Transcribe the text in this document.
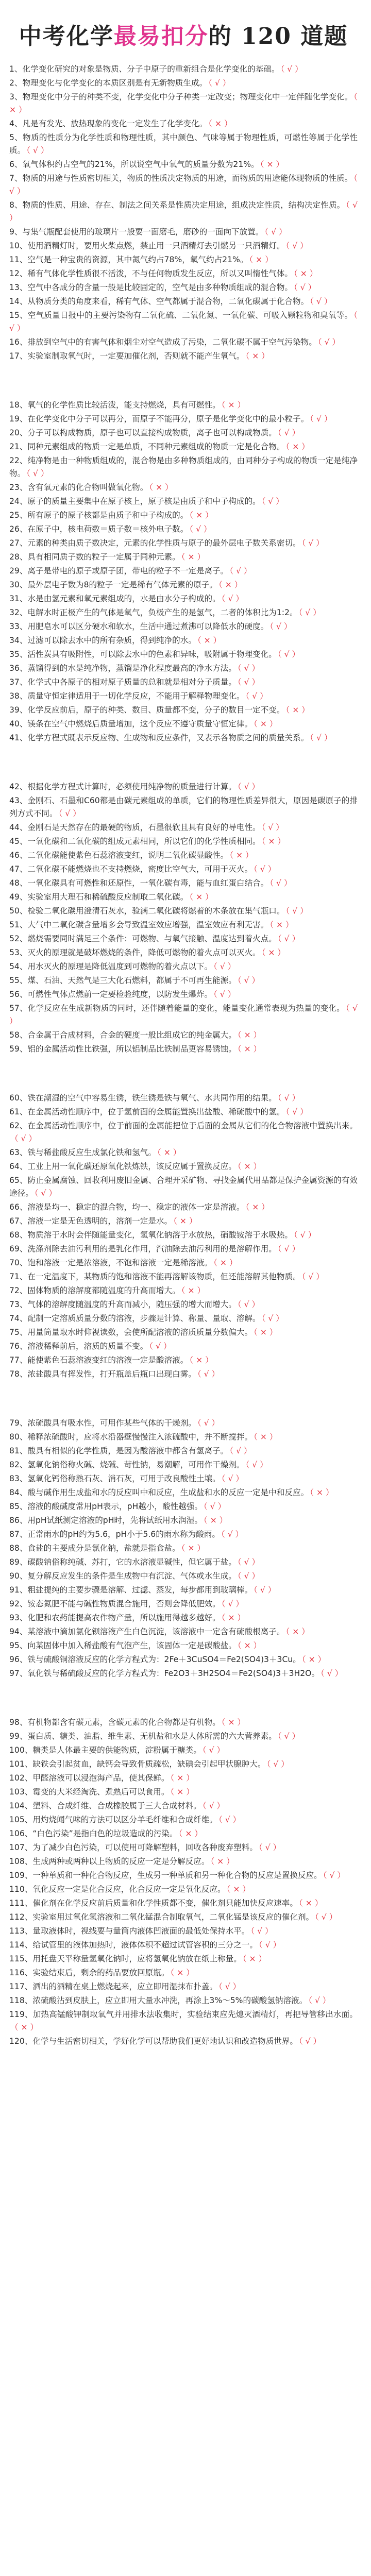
中考化学最易扣分的 120 道题

1、化学变化研究的对象是物质、分子中原子的重新组合是化学变化的基础。 （ √ ）

2、物理变化与化学变化的本质区别是有无新物质生成。 （ √ ）

3、物理变化中分子的种类不变，化学变化中分子种类一定改变；物理变化中一定伴随化学变化。 （ × ）

4、凡是有发光、放热现象的变化一定发生了化学变化。 （ × ）

5、物质的性质分为化学性质和物理性质，其中颜色、气味等属于物理性质，可燃性等属于化学性质。 （ √ ）

6、氧气体积约占空气的21%，所以说空气中氧气的质量分数为21%。 （ × ）

7、物质的用途与性质密切相关，物质的性质决定物质的用途，而物质的用途能体现物质的性质。 （ √ ）

8、物质的性质、用途、存在、制法之间关系是性质决定用途，组成决定性质，结构决定性质。 （ √ ）

9、与集气瓶配套使用的玻璃片一般要一面磨毛，磨砂的一面向下放置。 （ √ ）

10、使用酒精灯时，要用火柴点燃，禁止用一只酒精灯去引燃另一只酒精灯。 （ √ ）

11、空气是一种宝贵的资源，其中氮气约占78%，氧气约占21%。 （ × ）

12、稀有气体化学性质很不活泼，不与任何物质发生反应，所以又叫惰性气体。 （ × ）

13、空气中各成分的含量一般是比较固定的，空气是由多种物质组成的混合物。 （ √ ）

14、从物质分类的角度来看，稀有气体、空气都属于混合物，二氧化碳属于化合物。 （ √ ）

15、空气质量日报中的主要污染物有二氧化硫、二氧化氮、一氧化碳、可吸入颗粒物和臭氧等。 （ √ ）

16、排放到空气中的有害气体和烟尘对空气造成了污染，二氧化碳不属于空气污染物。 （ √ ）

17、实验室制取氧气时，一定要加催化剂，否则就不能产生氧气。 （ × ）

18、氧气的化学性质比较活泼，能支持燃烧，具有可燃性。 （ × ）

19、在化学变化中分子可以再分，而原子不能再分，原子是化学变化中的最小粒子。 （ √ ）

20、分子可以构成物质，原子也可以直接构成物质，离子也可以构成物质。 （ √ ）

21、同种元素组成的物质一定是单质，不同种元素组成的物质一定是化合物。 （ × ）

22、纯净物是由一种物质组成的，混合物是由多种物质组成的，由同种分子构成的物质一定是纯净物。 （ √ ）

23、含有氧元素的化合物叫做氧化物。 （ × ）

24、原子的质量主要集中在原子核上，原子核是由质子和中子构成的。 （ √ ）

25、所有原子的原子核都是由质子和中子构成的。 （ × ）

26、在原子中，核电荷数＝质子数＝核外电子数。 （ √ ）

27、元素的种类由质子数决定，元素的化学性质与原子的最外层电子数关系密切。 （ √ ）

28、具有相同质子数的粒子一定属于同种元素。 （ × ）

29、离子是带电的原子或原子团，带电的粒子不一定是离子。 （ √ ）

30、最外层电子数为8的粒子一定是稀有气体元素的原子。 （ × ）

31、水是由氢元素和氧元素组成的，水是由水分子构成的。 （ √ ）

32、电解水时正极产生的气体是氧气，负极产生的是氢气，二者的体积比为1:2。 （ √ ）

33、用肥皂水可以区分硬水和软水，生活中通过煮沸可以降低水的硬度。 （ √ ）

34、过滤可以除去水中的所有杂质，得到纯净的水。 （ × ）

35、活性炭具有吸附性，可以除去水中的色素和异味，吸附属于物理变化。 （ √ ）

36、蒸馏得到的水是纯净物，蒸馏是净化程度最高的净水方法。 （ √ ）

37、化学式中各原子的相对原子质量的总和就是相对分子质量。 （ √ ）

38、质量守恒定律适用于一切化学反应，不能用于解释物理变化。 （ √ ）

39、化学反应前后，原子的种类、数目、质量都不变，分子的数目一定不变。 （ × ）

40、镁条在空气中燃烧后质量增加，这个反应不遵守质量守恒定律。 （ × ）

41、化学方程式既表示反应物、生成物和反应条件，又表示各物质之间的质量关系。 （ √ ）

42、根据化学方程式计算时，必须使用纯净物的质量进行计算。 （ √ ）

43、金刚石、石墨和C60都是由碳元素组成的单质，它们的物理性质差异很大，原因是碳原子的排列方式不同。 （ √ ）

44、金刚石是天然存在的最硬的物质，石墨很软且具有良好的导电性。 （ √ ）

45、一氧化碳和二氧化碳的组成元素相同，所以它们的化学性质相同。 （ × ）

46、二氧化碳能使紫色石蕊溶液变红，说明二氧化碳显酸性。 （ × ）

47、二氧化碳不能燃烧也不支持燃烧，密度比空气大，可用于灭火。 （ √ ）

48、一氧化碳具有可燃性和还原性，一氧化碳有毒，能与血红蛋白结合。 （ √ ）

49、实验室用大理石和稀硫酸反应制取二氧化碳。 （ × ）

50、检验二氧化碳用澄清石灰水，验满二氧化碳将燃着的木条放在集气瓶口。 （ √ ）

51、大气中二氧化碳含量增多会导致温室效应增强，温室效应有利无害。 （ × ）

52、燃烧需要同时满足三个条件：可燃物、与氧气接触、温度达到着火点。 （ √ ）

53、灭火的原理就是破坏燃烧的条件，降低可燃物的着火点可以灭火。 （ × ）

54、用水灭火的原理是降低温度到可燃物的着火点以下。 （ √ ）

55、煤、石油、天然气是三大化石燃料，都属于不可再生能源。 （ √ ）

56、可燃性气体点燃前一定要检验纯度，以防发生爆炸。 （ √ ）

57、化学反应在生成新物质的同时，还伴随着能量的变化，能量变化通常表现为热量的变化。 （ √ ）

58、合金属于合成材料，合金的硬度一般比组成它的纯金属大。 （ × ）

59、铝的金属活动性比铁强，所以铝制品比铁制品更容易锈蚀。 （ × ）

60、铁在潮湿的空气中容易生锈，铁生锈是铁与氧气、水共同作用的结果。 （ √ ）

61、在金属活动性顺序中，位于氢前面的金属能置换出盐酸、稀硫酸中的氢。 （ √ ）

62、在金属活动性顺序中，位于前面的金属能把位于后面的金属从它们的化合物溶液中置换出来。（ √ ）

63、铁与稀盐酸反应生成氯化铁和氢气。 （ × ）

64、工业上用一氧化碳还原氧化铁炼铁，该反应属于置换反应。 （ × ）

65、防止金属腐蚀、回收利用废旧金属、合理开采矿物、寻找金属代用品都是保护金属资源的有效途径。 （ √ ）

66、溶液是均一、稳定的混合物，均一、稳定的液体一定是溶液。 （ × ）

67、溶液一定是无色透明的，溶剂一定是水。 （ × ）

68、物质溶于水时会伴随能量变化，氢氧化钠溶于水放热，硝酸铵溶于水吸热。 （ √ ）

69、洗涤剂除去油污利用的是乳化作用，汽油除去油污利用的是溶解作用。 （ √ ）

70、饱和溶液一定是浓溶液，不饱和溶液一定是稀溶液。 （ × ）

71、在一定温度下，某物质的饱和溶液不能再溶解该物质，但还能溶解其他物质。 （ √ ）

72、固体物质的溶解度都随温度的升高而增大。 （ × ）

73、气体的溶解度随温度的升高而减小，随压强的增大而增大。 （ √ ）

74、配制一定溶质质量分数的溶液，步骤是计算、称量、量取、溶解。 （ √ ）

75、用量筒量取水时仰视读数，会使所配溶液的溶质质量分数偏大。 （ × ）

76、溶液稀释前后，溶质的质量不变。 （ √ ）

77、能使紫色石蕊溶液变红的溶液一定是酸溶液。 （ × ）

78、浓盐酸具有挥发性，打开瓶盖后瓶口出现白雾。 （ √ ）

79、浓硫酸具有吸水性，可用作某些气体的干燥剂。 （ √ ）

80、稀释浓硫酸时，应将水沿器壁慢慢注入浓硫酸中，并不断搅拌。 （ × ）

81、酸具有相似的化学性质，是因为酸溶液中都含有氢离子。 （ √ ）

82、氢氧化钠俗称火碱、烧碱、苛性钠，易潮解，可用作干燥剂。 （ √ ）

83、氢氧化钙俗称熟石灰、消石灰，可用于改良酸性土壤。 （ √ ）

84、酸与碱作用生成盐和水的反应叫中和反应，生成盐和水的反应一定是中和反应。 （ × ）

85、溶液的酸碱度常用pH表示，pH越小，酸性越强。 （ √ ）

86、用pH试纸测定溶液的pH时，先将试纸用水润湿。 （ × ）

87、正常雨水的pH约为5.6，pH小于5.6的雨水称为酸雨。 （ √ ）

88、食盐的主要成分是氯化钠，盐就是指食盐。 （ × ）

89、碳酸钠俗称纯碱、苏打，它的水溶液显碱性，但它属于盐。 （ √ ）

90、复分解反应发生的条件是生成物中有沉淀、气体或水生成。 （ √ ）

91、粗盐提纯的主要步骤是溶解、过滤、蒸发，每步都用到玻璃棒。 （ √ ）

92、铵态氮肥不能与碱性物质混合施用，否则会降低肥效。 （ √ ）

93、化肥和农药能提高农作物产量，所以施用得越多越好。 （ × ）

94、某溶液中滴加氯化钡溶液产生白色沉淀，该溶液中一定含有硫酸根离子。 （ × ）

95、向某固体中加入稀盐酸有气泡产生，该固体一定是碳酸盐。 （ × ）

96、铁与硫酸铜溶液反应的化学方程式为：2Fe＋3CuSO4＝Fe2(SO4)3＋3Cu。 （ × ）

97、氧化铁与稀硫酸反应的化学方程式为：Fe2O3＋3H2SO4＝Fe2(SO4)3＋3H2O。 （ √ ）

98、有机物都含有碳元素，含碳元素的化合物都是有机物。 （ × ）

99、蛋白质、糖类、油脂、维生素、无机盐和水是人体所需的六大营养素。 （ √ ）

100、糖类是人体最主要的供能物质，淀粉属于糖类。 （ √ ）

101、缺铁会引起贫血，缺钙会导致骨质疏松，缺碘会引起甲状腺肿大。 （ √ ）

102、甲醛溶液可以浸泡海产品，使其保鲜。 （ × ）

103、霉变的大米经淘洗、煮熟后可以食用。 （ × ）

104、塑料、合成纤维、合成橡胶属于三大合成材料。 （ √ ）

105、用灼烧闻气味的方法可以区分羊毛纤维和合成纤维。 （ √ ）

106、“白色污染”是指白色的垃圾造成的污染。 （ × ）

107、为了减少白色污染，可以使用可降解塑料，回收各种废弃塑料。 （ √ ）

108、生成两种或两种以上物质的反应一定是分解反应。 （ × ）

109、一种单质和一种化合物反应，生成另一种单质和另一种化合物的反应是置换反应。 （ √ ）

110、氧化反应一定是化合反应，化合反应一定是氧化反应。 （ × ）

111、催化剂在化学反应前后质量和化学性质都不变，催化剂只能加快反应速率。 （ × ）

112、实验室用过氧化氢溶液和二氧化锰混合制取氧气，二氧化锰是该反应的催化剂。 （ √ ）

113、量取液体时，视线要与量筒内液体凹液面的最低处保持水平。 （ √ ）

114、给试管里的液体加热时，液体体积不超过试管容积的三分之一。 （ √ ）

115、用托盘天平称量氢氧化钠时，应将氢氧化钠放在纸上称量。 （ × ）

116、实验结束后，剩余的药品要放回原瓶。 （ × ）

117、洒出的酒精在桌上燃烧起来，应立即用湿抹布扑盖。 （ √ ）

118、浓硫酸沾到皮肤上，应立即用大量水冲洗，再涂上3%～5%的碳酸氢钠溶液。 （ √ ）

119、加热高锰酸钾制取氧气并用排水法收集时，实验结束应先熄灭酒精灯，再把导管移出水面。（ × ）

120、化学与生活密切相关，学好化学可以帮助我们更好地认识和改造物质世界。 （ √ ）
